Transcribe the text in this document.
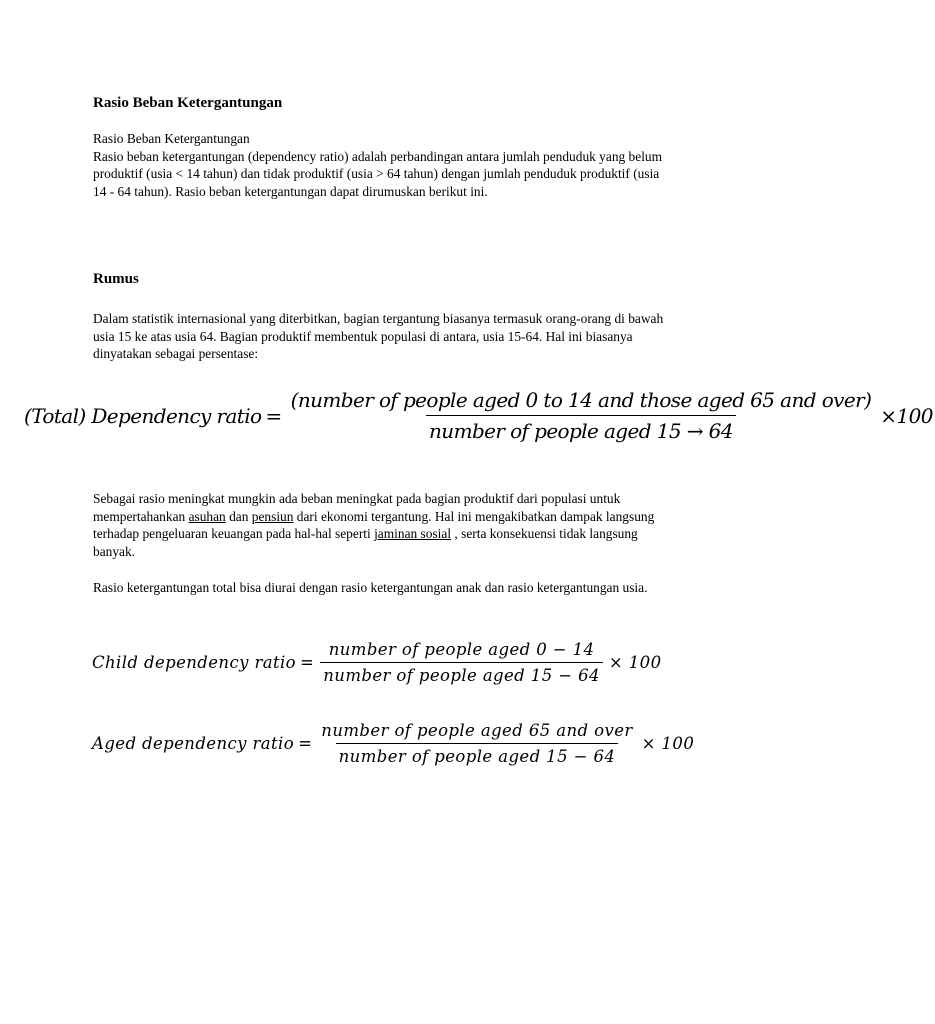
Rasio Beban Ketergantungan
Rasio Beban Ketergantungan
Rasio beban ketergantungan (dependency ratio) adalah perbandingan antara jumlah penduduk yang belum produktif (usia < 14 tahun) dan tidak produktif (usia > 64 tahun) dengan jumlah penduduk produktif (usia 14 - 64 tahun). Rasio beban ketergantungan dapat dirumuskan berikut ini.
Rumus

Dalam statistik internasional yang diterbitkan, bagian tergantung biasanya termasuk orang-orang di bawah usia 15 ke atas usia 64. Bagian produktif membentuk populasi di antara, usia 15-64. Hal ini biasanya dinyatakan sebagai persentase:

(Total) Dependency ratio = $\frac{\text{(number of people aged 0 to 14 and those aged 65 and over)}}{\text{number of people aged 15 → 64}} \times 100$

Sebagai rasio meningkat mungkin ada beban meningkat pada bagian produktif dari populasi untuk mempertahankan asuhan dan pensiun dari ekonomi tergantung. Hal ini mengakibatkan dampak langsung terhadap pengeluaran keuangan pada hal-hal seperti jaminan sosial , serta konsekuensi tidak langsung banyak.

Rasio ketergantungan total bisa diurai dengan rasio ketergantungan anak dan rasio ketergantungan usia.

Child dependency ratio = $\frac{\text{number of people aged 0 − 14}}{\text{number of people aged 15 − 64}} \times 100$
Aged dependency ratio = $\frac{\text{number of people aged 65 and over}}{\text{number of people aged 15 − 64}} \times 100$
